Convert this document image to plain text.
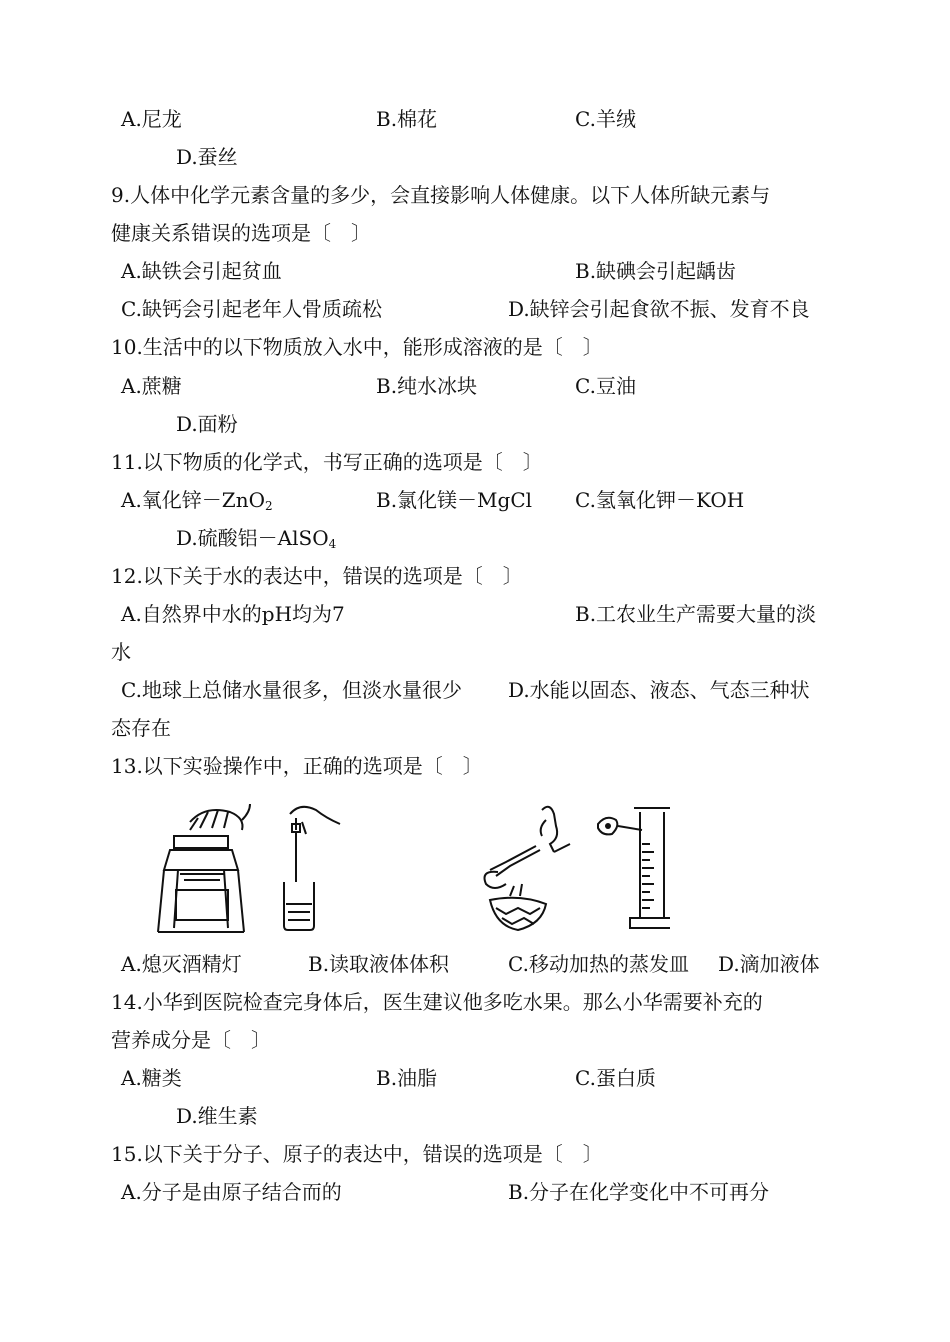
A.尼龙	B.棉花	C.羊绒
D.蚕丝
9.人体中化学元素含量的多少，会直接影响人体健康。以下人体所缺元素与
健康关系错误的选项是〔　〕
A.缺铁会引起贫血	B.缺碘会引起龋齿
C.缺钙会引起老年人骨质疏松	D.缺锌会引起食欲不振、发育不良
10.生活中的以下物质放入水中，能形成溶液的是〔　〕
A.蔗糖	B.纯水冰块	C.豆油
D.面粉
11.以下物质的化学式，书写正确的选项是〔　〕
A.氧化锌－ZnO$_2$	B.氯化镁－MgCl C.氢氧化钾－KOH
D.硫酸铝－AlSO$_4$
12.以下关于水的表达中，错误的选项是〔　〕
A.自然界中水的pH均为7	B.工农业生产需要大量的淡
水
C.地球上总储水量很多，但淡水量很少 D.水能以固态、液态、气态三种状
态存在
13.以下实验操作中，正确的选项是〔　〕
A.熄灭酒精灯	B.读取液体体积	C.移动加热的蒸发皿 D.滴加液体
14.小华到医院检查完身体后，医生建议他多吃水果。那么小华需要补充的
营养成分是〔　〕
A.糖类	B.油脂	C.蛋白质
D.维生素
15.以下关于分子、原子的表达中，错误的选项是〔　〕
A.分子是由原子结合而的	B.分子在化学变化中不可再分
